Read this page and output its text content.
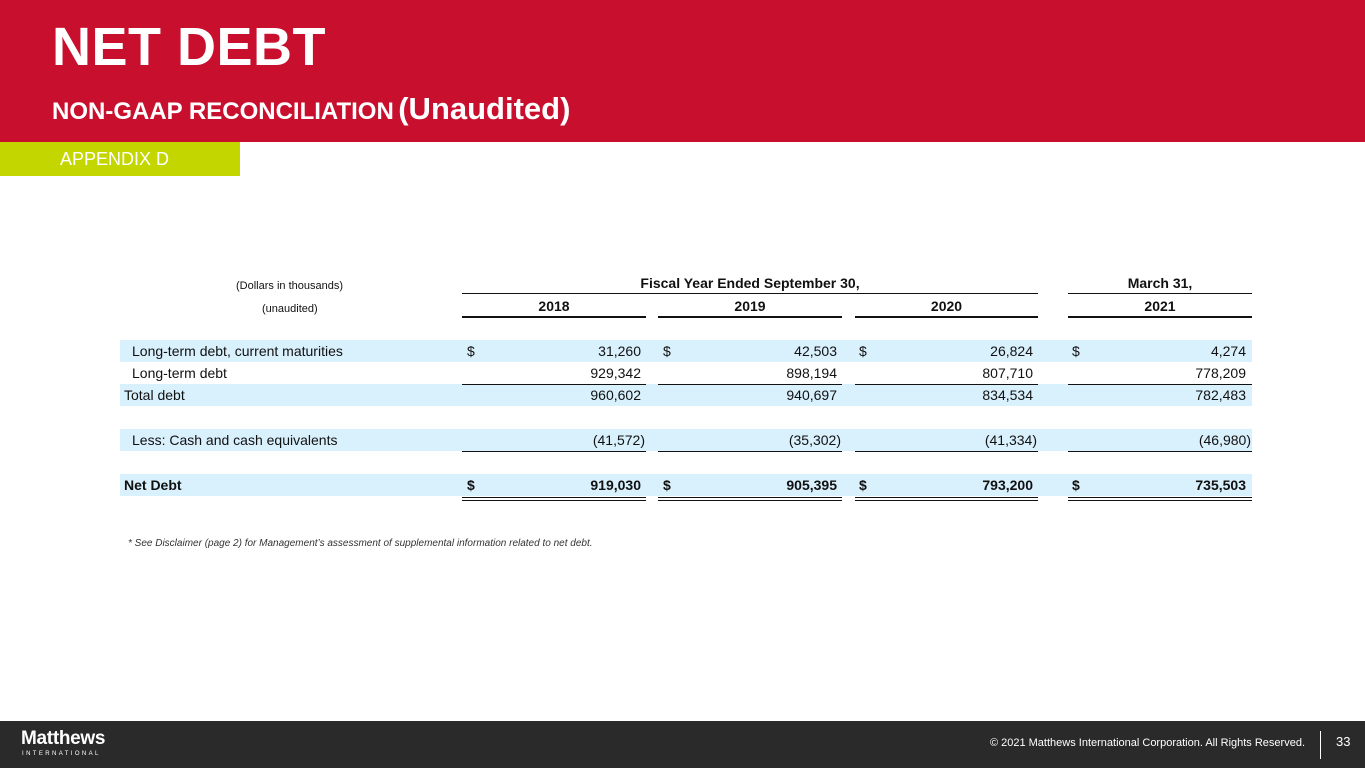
NET DEBT
NON-GAAP RECONCILIATION (Unaudited)
APPENDIX D
(Dollars in thousands)	Fiscal Year Ended September 30,	March 31,
(unaudited)	2018	2019	2020	2021
Long-term debt, current maturities	$	31,260 $	42,503 $	26,824	$	4,274
Long-term debt	929,342	898,194	807,710	778,209
Total debt	960,602	940,697	834,534	782,483
Less: Cash and cash equivalents	(41,572)	(35,302)	(41,334)	(46,980)
Net Debt	$	919,030 $	905,395 $	793,200	$	735,503
* See Disclaimer (page 2) for Management’s assessment of supplemental information related to net debt.
Matthews
INTERNATIONAL
© 2021 Matthews International Corporation. All Rights Reserved. 33
